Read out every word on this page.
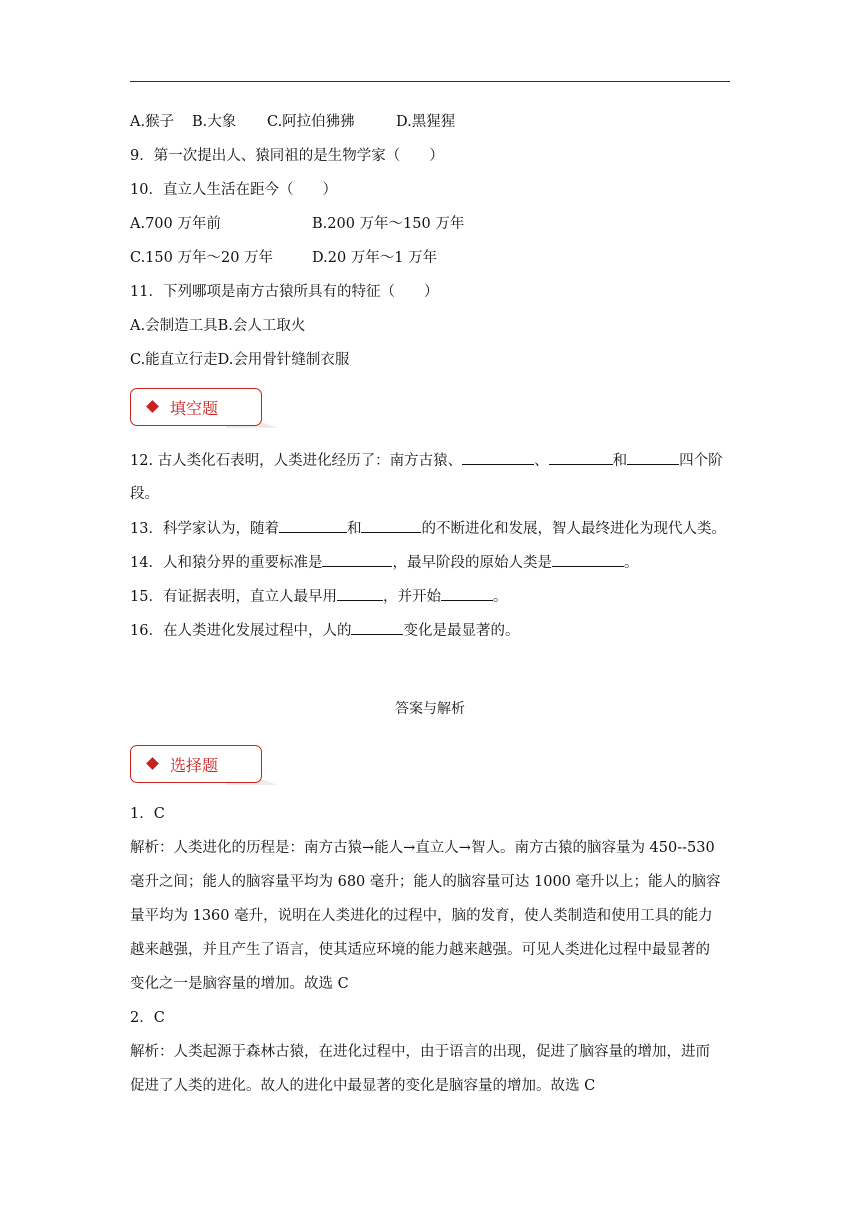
A.猴子 B.大象 C.阿拉伯狒狒	D.黑猩猩
9．第一次提出人、猿同祖的是生物学家（　　）
10．直立人生活在距今（　　）
A.700 万年前	B.200 万年～150 万年
C.150 万年～20 万年	D.20 万年～1 万年
11．下列哪项是南方古猿所具有的特征（　　）
A.会制造工具B.会人工取火
C.能直立行走D.会用骨针缝制衣服
填空题
12. 古人类化石表明，人类进化经历了：南方古猿、	、	和	四个阶
段。
13．科学家认为，随着	和	的不断进化和发展，智人最终进化为现代人类。
14．人和猿分界的重要标准是	，最早阶段的原始人类是	。
15．有证据表明，直立人最早用	，并开始	。
16．在人类进化发展过程中，人的	变化是最显著的。
答案与解析
选择题
1．C
解析：人类进化的历程是：南方古猿→能人→直立人→智人。南方古猿的脑容量为 450--530
毫升之间；能人的脑容量平均为 680 毫升；能人的脑容量可达 1000 毫升以上；能人的脑容
量平均为 1360 毫升，说明在人类进化的过程中，脑的发育，使人类制造和使用工具的能力
越来越强，并且产生了语言，使其适应环境的能力越来越强。可见人类进化过程中最显著的
变化之一是脑容量的增加。故选 C
2．C
解析：人类起源于森林古猿，在进化过程中，由于语言的出现，促进了脑容量的增加，进而
促进了人类的进化。故人的进化中最显著的变化是脑容量的增加。故选 C
